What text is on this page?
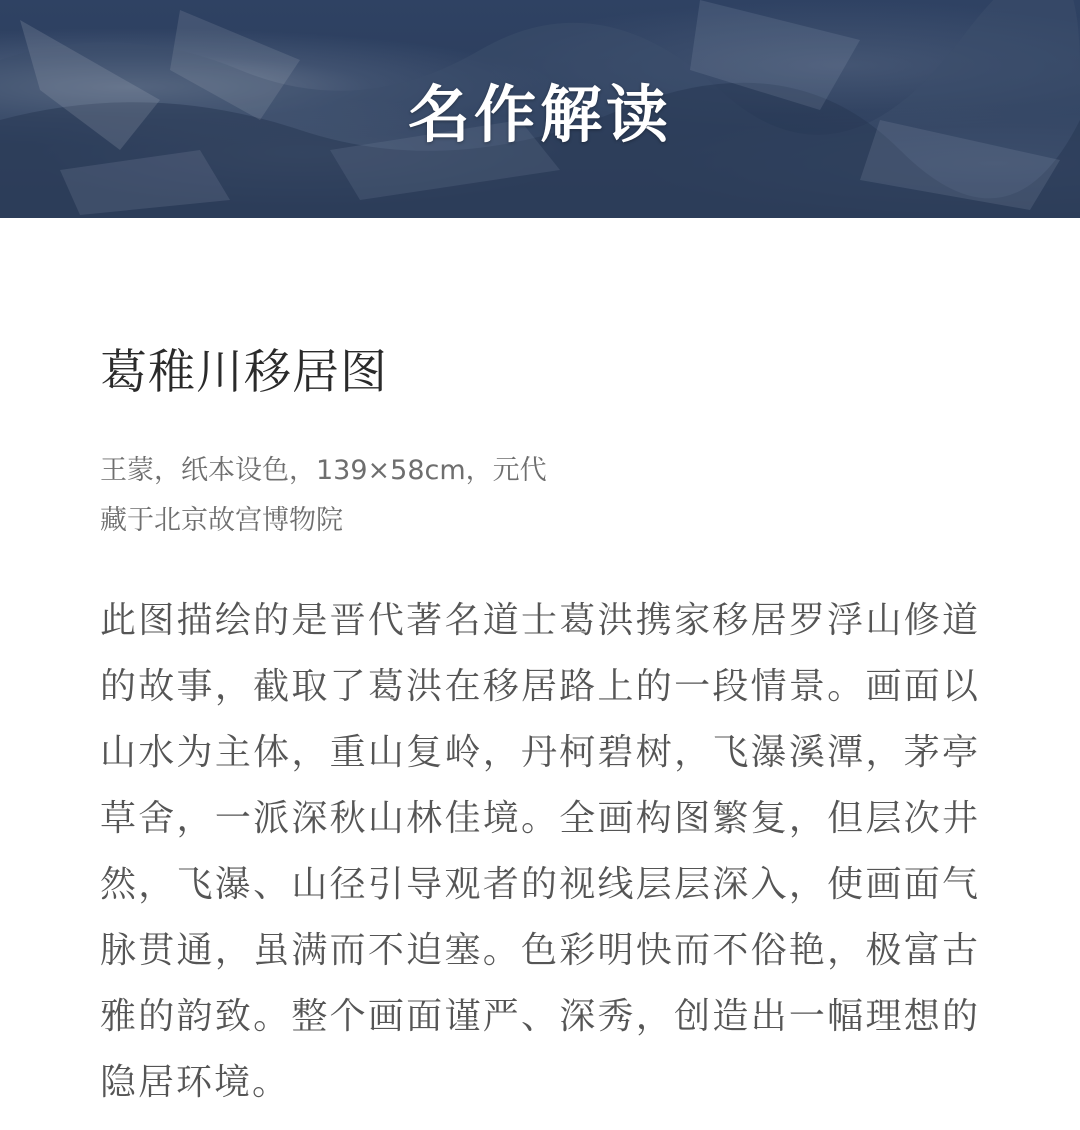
名作解读
葛稚川移居图
王蒙，纸本设色，139×58cm，元代
藏于北京故宫博物院
此图描绘的是晋代著名道士葛洪携家移居罗浮山修道的故事，截取了葛洪在移居路上的一段情景。画面以山水为主体，重山复岭，丹柯碧树，飞瀑溪潭，茅亭草舍，一派深秋山林佳境。全画构图繁复，但层次井然，飞瀑、山径引导观者的视线层层深入，使画面气脉贯通，虽满而不迫塞。色彩明快而不俗艳，极富古雅的韵致。整个画面谨严、深秀，创造出一幅理想的隐居环境。
